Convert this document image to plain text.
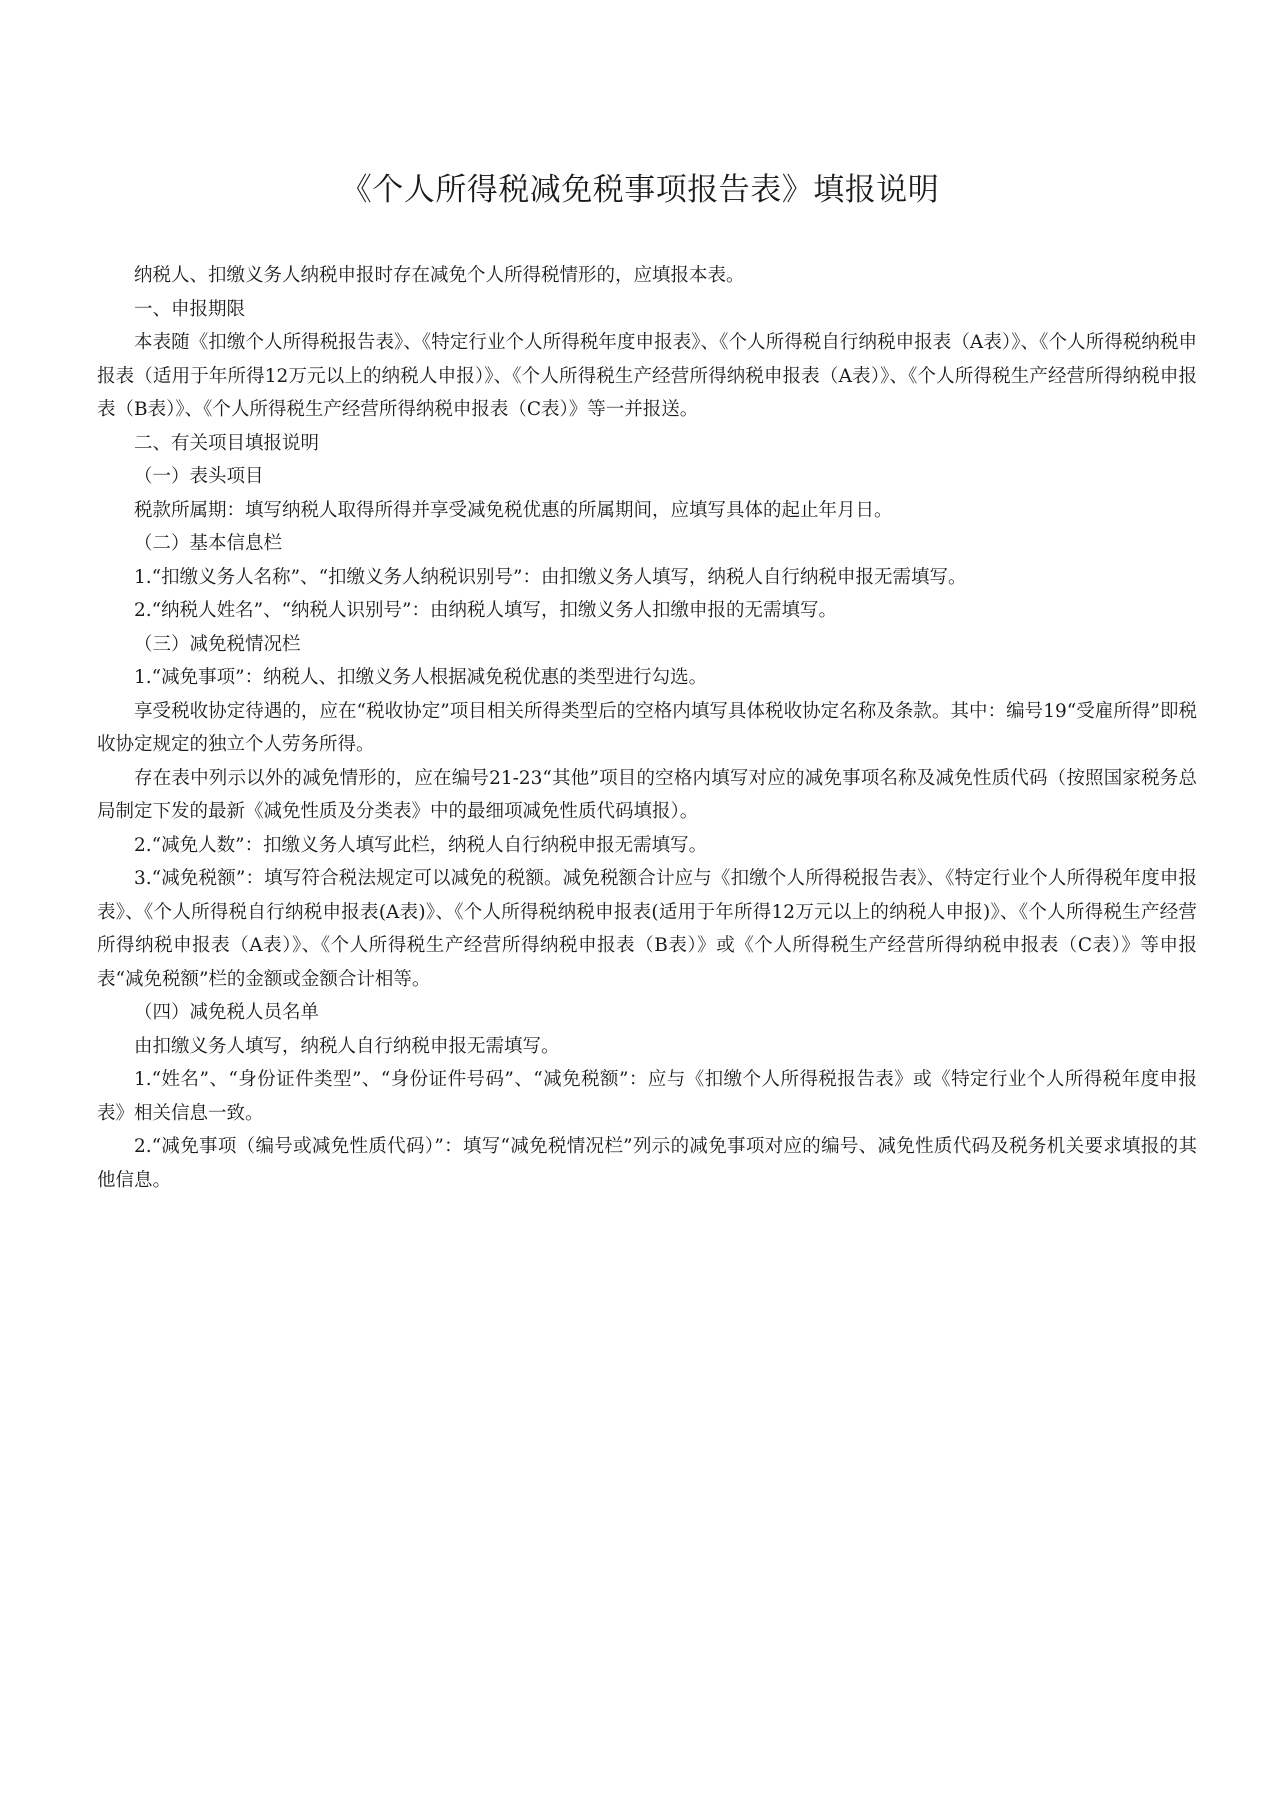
《个人所得税减免税事项报告表》填报说明

纳税人、扣缴义务人纳税申报时存在减免个人所得税情形的，应填报本表。

一、申报期限

本表随《扣缴个人所得税报告表》、《特定行业个人所得税年度申报表》、《个人所得税自行纳税申报表（A表）》、《个人所得税纳税申报表（适用于年所得12万元以上的纳税人申报）》、《个人所得税生产经营所得纳税申报表（A表）》、《个人所得税生产经营所得纳税申报表（B表）》、《个人所得税生产经营所得纳税申报表（C表）》等一并报送。

二、有关项目填报说明

（一）表头项目

税款所属期：填写纳税人取得所得并享受减免税优惠的所属期间，应填写具体的起止年月日。

（二）基本信息栏

1.“扣缴义务人名称”、“扣缴义务人纳税识别号”：由扣缴义务人填写，纳税人自行纳税申报无需填写。

2.“纳税人姓名”、“纳税人识别号”：由纳税人填写，扣缴义务人扣缴申报的无需填写。

（三）减免税情况栏

1.“减免事项”：纳税人、扣缴义务人根据减免税优惠的类型进行勾选。

享受税收协定待遇的，应在“税收协定”项目相关所得类型后的空格内填写具体税收协定名称及条款。其中：编号19“受雇所得”即税收协定规定的独立个人劳务所得。

存在表中列示以外的减免情形的，应在编号21-23“其他”项目的空格内填写对应的减免事项名称及减免性质代码（按照国家税务总局制定下发的最新《减免性质及分类表》中的最细项减免性质代码填报）。

2.“减免人数”：扣缴义务人填写此栏，纳税人自行纳税申报无需填写。

3.“减免税额”：填写符合税法规定可以减免的税额。减免税额合计应与《扣缴个人所得税报告表》、《特定行业个人所得税年度申报表》、《个人所得税自行纳税申报表(A表)》、《个人所得税纳税申报表(适用于年所得12万元以上的纳税人申报)》、《个人所得税生产经营所得纳税申报表（A表）》、《个人所得税生产经营所得纳税申报表（B表）》或《个人所得税生产经营所得纳税申报表（C表）》等申报表“减免税额”栏的金额或金额合计相等。

（四）减免税人员名单

由扣缴义务人填写，纳税人自行纳税申报无需填写。

1.“姓名”、“身份证件类型”、“身份证件号码”、“减免税额”：应与《扣缴个人所得税报告表》或《特定行业个人所得税年度申报表》相关信息一致。

2.“减免事项（编号或减免性质代码）”：填写“减免税情况栏”列示的减免事项对应的编号、减免性质代码及税务机关要求填报的其他信息。
